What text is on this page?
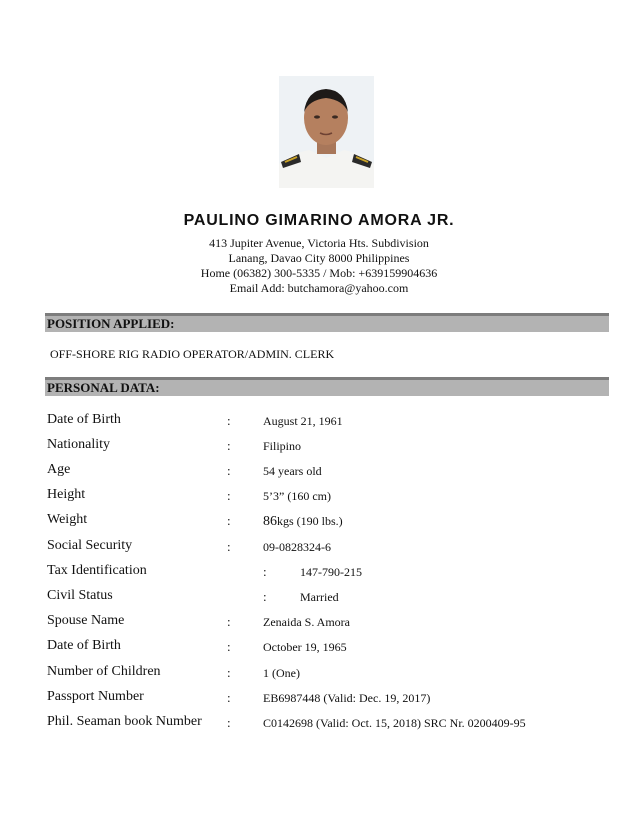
PAULINO GIMARINO AMORA JR.
413 Jupiter Avenue, Victoria Hts. Subdivision
Lanang, Davao City 8000 Philippines
Home (06382) 300-5335 / Mob: +639159904636
Email Add: butchamora@yahoo.com
POSITION APPLIED:
OFF-SHORE RIG RADIO OPERATOR/ADMIN. CLERK
PERSONAL DATA:
Date of Birth	:	August 21, 1961
Nationality	:	Filipino
Age	:	54 years old
Height	:	5’3” (160 cm)
Weight	: 86kgs (190 lbs.)
Social Security	:	09-0828324-6
Tax Identification	:	147-790-215
Civil Status	:	Married
Spouse Name	:	Zenaida S. Amora
Date of Birth	:	October 19, 1965
Number of Children	:	1 (One)
Passport Number	:	EB6987448 (Valid: Dec. 19, 2017)
Phil. Seaman book Number :	C0142698 (Valid: Oct. 15, 2018) SRC Nr. 0200409-95
